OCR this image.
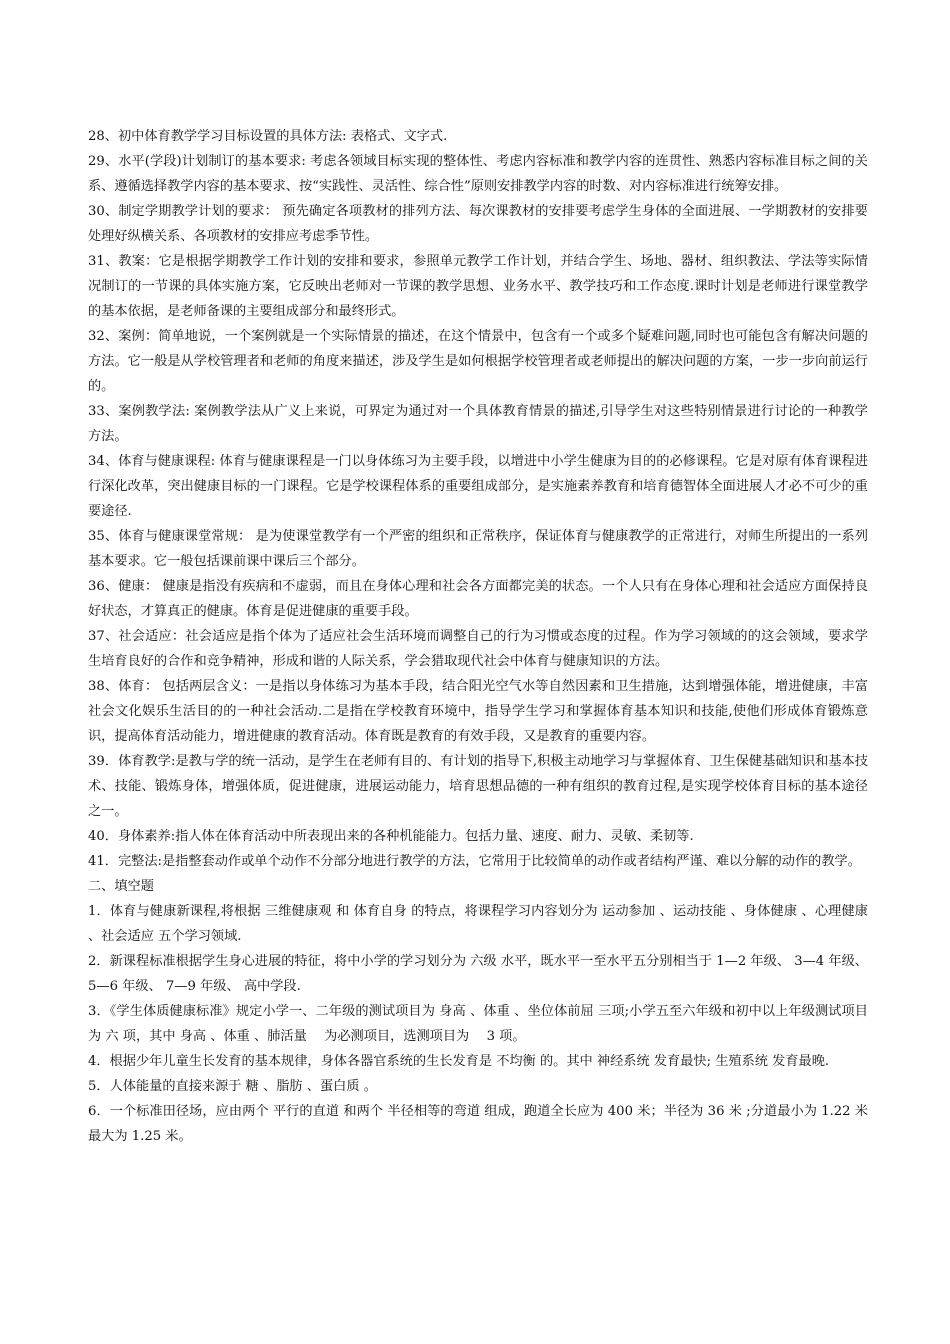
28、初中体育教学学习目标设置的具体方法: 表格式、文字式.

29、水平(学段)计划制订的基本要求: 考虑各领域目标实现的整体性、考虑内容标准和教学内容的连贯性、熟悉内容标准目标之间的关系、遵循选择教学内容的基本要求、按“实践性、灵活性、综合性”原则安排教学内容的时数、对内容标准进行统筹安排。

30、制定学期教学计划的要求： 预先确定各项教材的排列方法、每次课教材的安排要考虑学生身体的全面进展、一学期教材的安排要处理好纵横关系、各项教材的安排应考虑季节性。

31、教案：它是根据学期教学工作计划的安排和要求，参照单元教学工作计划，并结合学生、场地、器材、组织教法、学法等实际情况制订的一节课的具体实施方案，它反映出老师对一节课的教学思想、业务水平、教学技巧和工作态度.课时计划是老师进行课堂教学的基本依据，是老师备课的主要组成部分和最终形式。

32、案例：简单地说，一个案例就是一个实际情景的描述，在这个情景中，包含有一个或多个疑难问题,同时也可能包含有解决问题的方法。它一般是从学校管理者和老师的角度来描述，涉及学生是如何根据学校管理者或老师提出的解决问题的方案，一步一步向前运行的。

33、案例教学法: 案例教学法从广义上来说，可界定为通过对一个具体教育情景的描述,引导学生对这些特别情景进行讨论的一种教学方法。

34、体育与健康课程: 体育与健康课程是一门以身体练习为主要手段，以增进中小学生健康为目的的必修课程。它是对原有体育课程进行深化改革，突出健康目标的一门课程。它是学校课程体系的重要组成部分，是实施素养教育和培育德智体全面进展人才必不可少的重要途径.

35、体育与健康课堂常规： 是为使课堂教学有一个严密的组织和正常秩序，保证体育与健康教学的正常进行，对师生所提出的一系列基本要求。它一般包括课前课中课后三个部分。

36、健康： 健康是指没有疾病和不虚弱，而且在身体心理和社会各方面都完美的状态。一个人只有在身体心理和社会适应方面保持良好状态，才算真正的健康。体育是促进健康的重要手段。

37、社会适应：社会适应是指个体为了适应社会生活环境而调整自己的行为习惯或态度的过程。作为学习领域的的这会领域，要求学生培育良好的合作和竞争精神，形成和谐的人际关系，学会猎取现代社会中体育与健康知识的方法。

38、体育： 包括两层含义：一是指以身体练习为基本手段，结合阳光空气水等自然因素和卫生措施，达到增强体能，增进健康，丰富社会文化娱乐生活目的的一种社会活动.二是指在学校教育环境中，指导学生学习和掌握体育基本知识和技能,使他们形成体育锻炼意识，提高体育活动能力，增进健康的教育活动。体育既是教育的有效手段，又是教育的重要内容。

39．体育教学:是教与学的统一活动，是学生在老师有目的、有计划的指导下,积极主动地学习与掌握体育、卫生保健基础知识和基本技术、技能、锻炼身体，增强体质，促进健康，进展运动能力，培育思想品德的一种有组织的教育过程,是实现学校体育目标的基本途径之一。

40．身体素养:指人体在体育活动中所表现出来的各种机能能力。包括力量、速度、耐力、灵敏、柔韧等.

41．完整法:是指整套动作或单个动作不分部分地进行教学的方法，它常用于比较简单的动作或者结构严谨、难以分解的动作的教学。

二、填空题

1．体育与健康新课程,将根据 三维健康观 和 体育自身 的特点，将课程学习内容划分为 运动参加 、运动技能 、身体健康 、心理健康 、社会适应 五个学习领域.

2．新课程标准根据学生身心进展的特征，将中小学的学习划分为 六级 水平，既水平一至水平五分别相当于 1—2 年级、 3—4 年级、 5—6 年级、 7—9 年级、 高中学段.

3．《学生体质健康标准》规定小学一、二年级的测试项目为 身高 、体重 、坐位体前屈 三项;小学五至六年级和初中以上年级测试项目为 六 项，其中 身高 、体重 、肺活量　 为必测项目，选测项目为　 3 项。

4．根据少年儿童生长发育的基本规律，身体各器官系统的生长发育是 不均衡 的。其中 神经系统 发育最快; 生殖系统 发育最晚.

5．人体能量的直接来源于 糖 、脂肪 、蛋白质 。

6．一个标准田径场，应由两个 平行的直道 和两个 半径相等的弯道 组成，跑道全长应为 400 米；半径为 36 米 ;分道最小为 1.22 米最大为 1.25 米。
